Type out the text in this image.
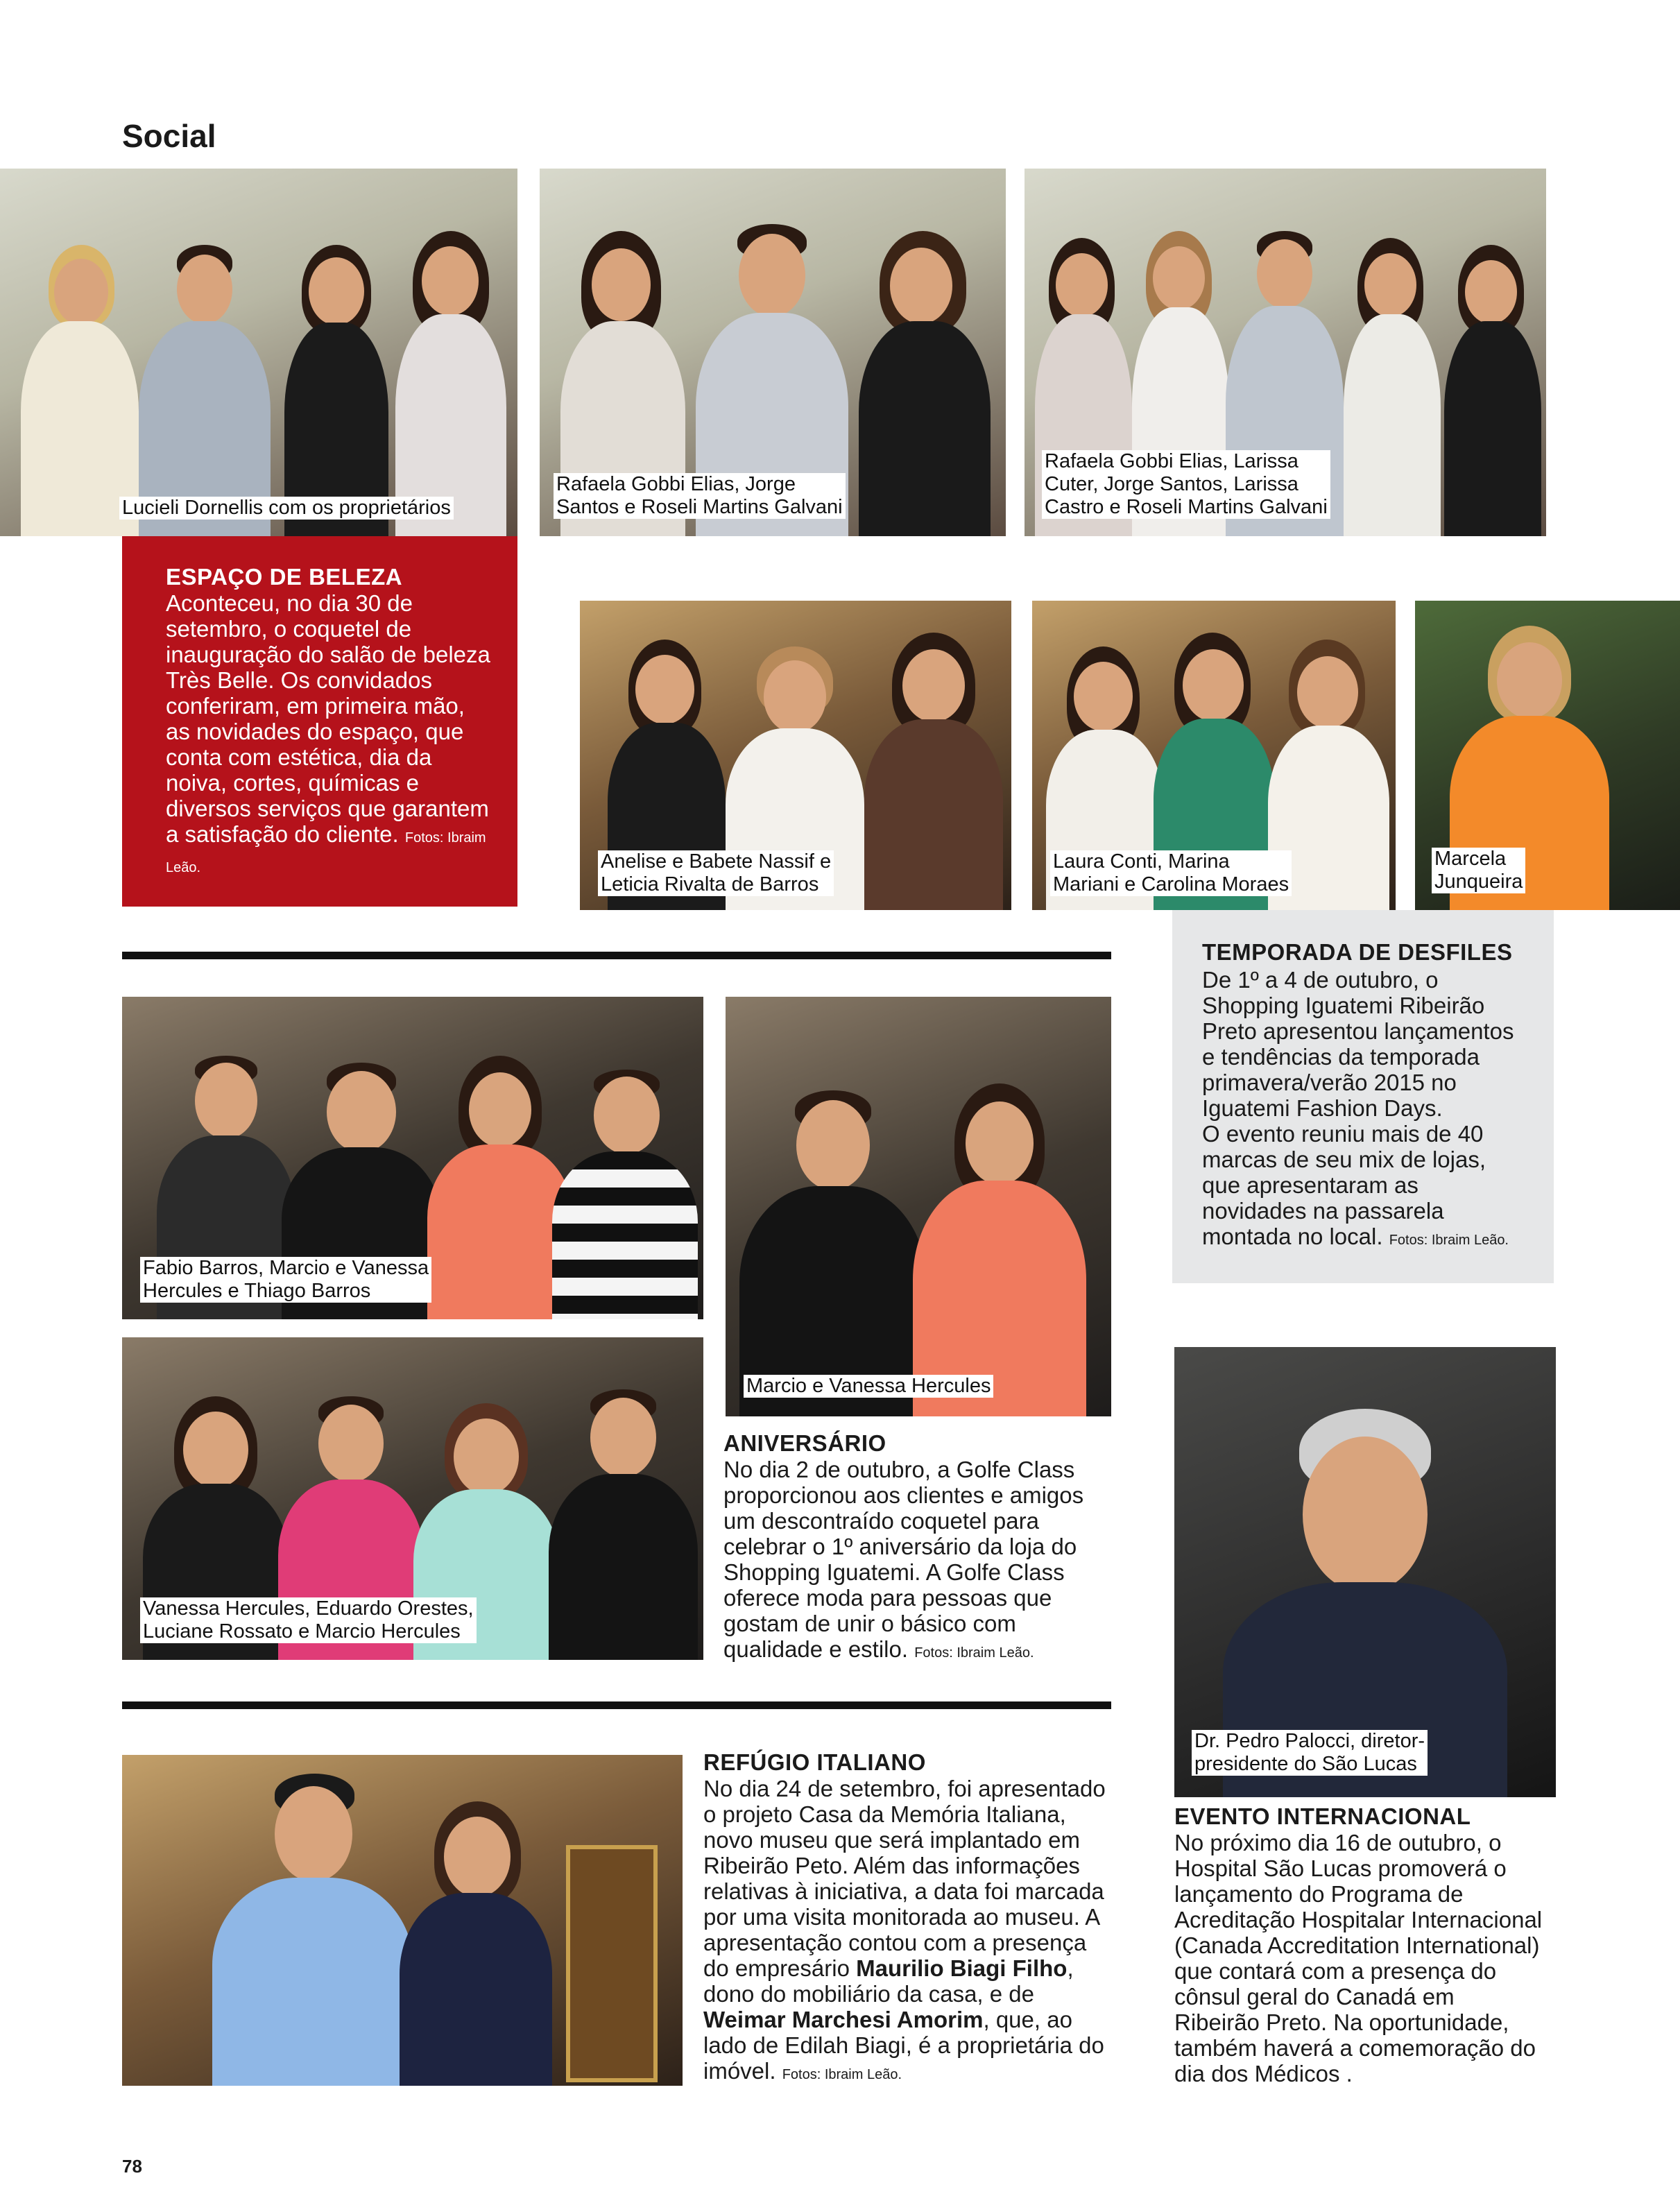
Social
Lucieli Dornellis com os proprietários
Rafaela Gobbi Elias, Jorge
Santos e Roseli Martins Galvani
Rafaela Gobbi Elias, Larissa
Cuter, Jorge Santos, Larissa
Castro e Roseli Martins Galvani
ESPAÇO DE BELEZA
Aconteceu, no dia 30 de setembro, o coquetel de inauguração do salão de beleza Très Belle. Os convidados conferiram, em primeira mão, as novidades do espaço, que conta com estética, dia da noiva, cortes, químicas e diversos serviços que garantem a satisfação do cliente. Fotos: Ibraim Leão.	Anelise e Babete Nassif e
Leticia Rivalta de Barros
Laura Conti, Marina
Mariani e Carolina Moraes
Marcela
Junqueira
TEMPORADA DE DESFILES
De 1º a 4 de outubro, o Shopping Iguatemi Ribeirão Preto apresentou lançamentos e tendências da temporada primavera/verão 2015 no Iguatemi Fashion Days.
O evento reuniu mais de 40 marcas de seu mix de lojas, que apresentaram as novidades na passarela montada no local. Fotos: Ibraim Leão.
Fabio Barros, Marcio e Vanessa
Hercules e Thiago Barros
Marcio e Vanessa Hercules
Vanessa Hercules, Eduardo Orestes,
Luciane Rossato e Marcio Hercules
ANIVERSÁRIO
No dia 2 de outubro, a Golfe Class proporcionou aos clientes e amigos um descontraído coquetel para celebrar o 1º aniversário da loja do Shopping Iguatemi. A Golfe Class oferece moda para pessoas que gostam de unir o básico com qualidade e estilo. Fotos: Ibraim Leão.
Dr. Pedro Palocci, diretor-
presidente do São Lucas
REFÚGIO ITALIANO
No dia 24 de setembro, foi apresentado o projeto Casa da Memória Italiana, novo museu que será implantado em Ribeirão Peto. Além das informações relativas à iniciativa, a data foi marcada por uma visita monitorada ao museu. A apresentação contou com a presença do empresário Maurilio Biagi Filho, dono do mobiliário da casa, e de Weimar Marchesi Amorim, que, ao lado de Edilah Biagi, é a proprietária do imóvel. Fotos: Ibraim Leão.
EVENTO INTERNACIONAL
No próximo dia 16 de outubro, o Hospital São Lucas promoverá o lançamento do Programa de Acreditação Hospitalar Internacional (Canada Accreditation International) que contará com a presença do cônsul geral do Canadá em Ribeirão Preto. Na oportunidade, também haverá a comemoração do dia dos Médicos .
78
